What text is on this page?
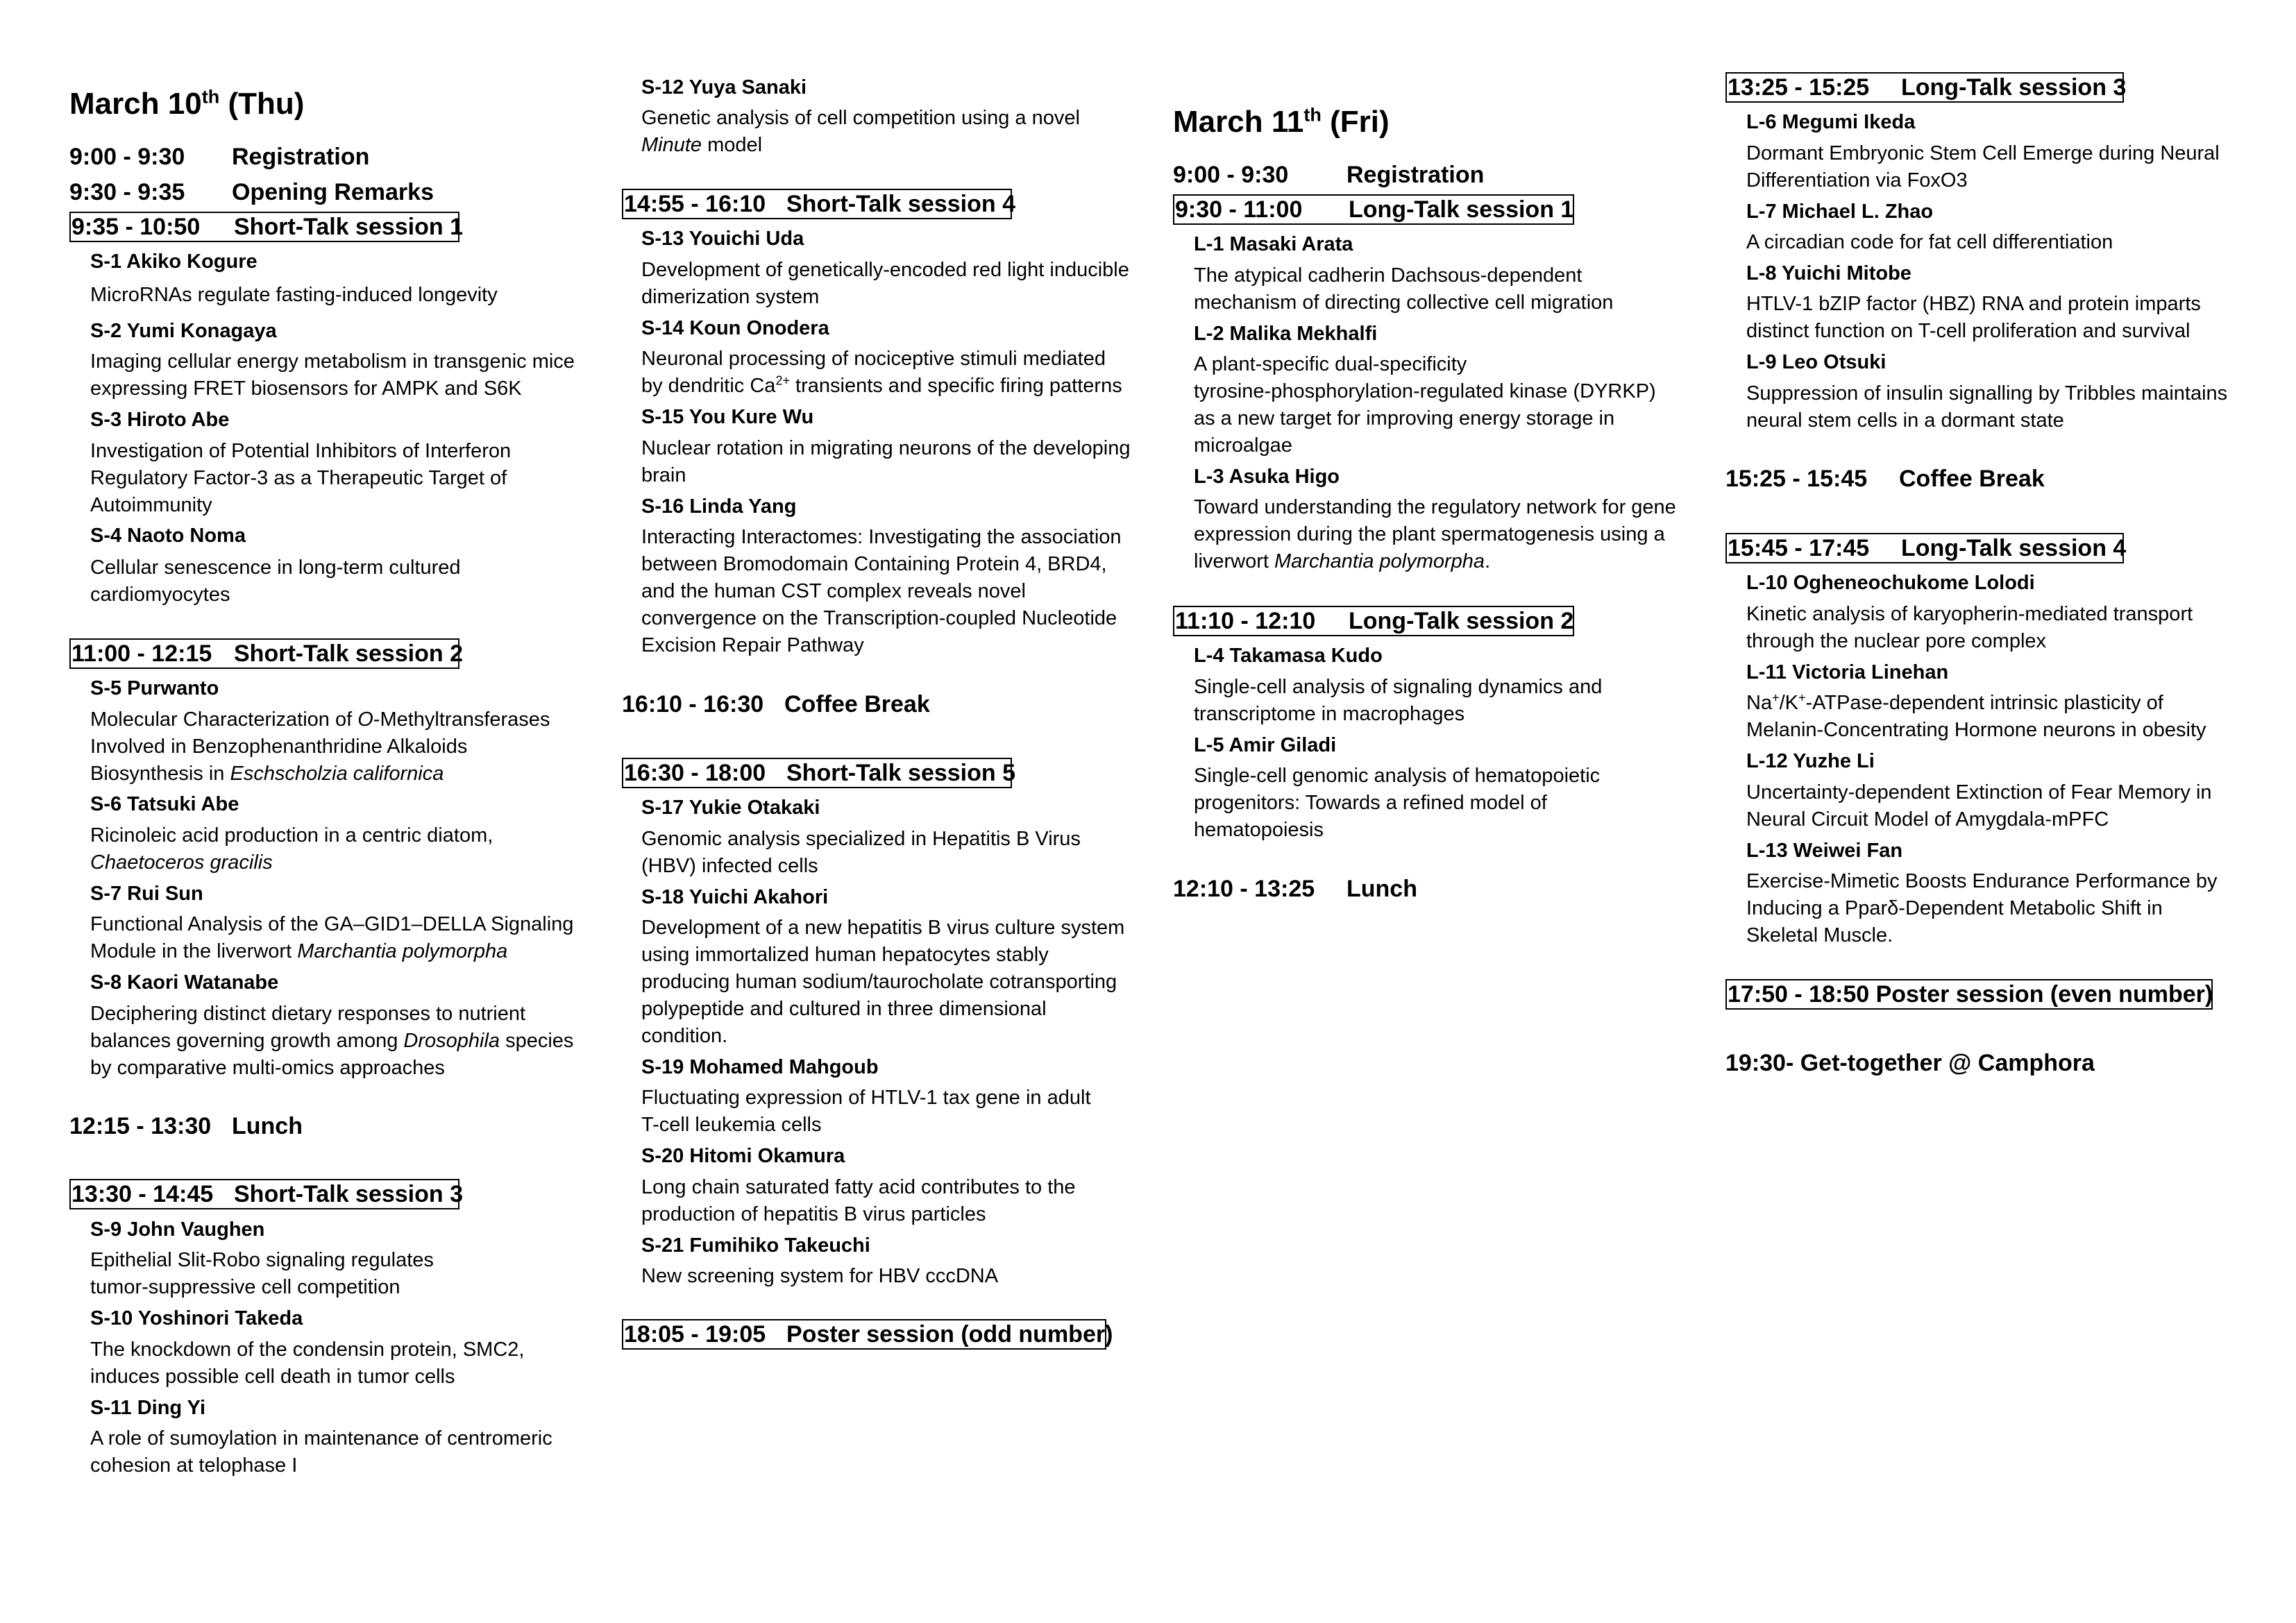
March 10th (Thu)
9:00 - 9:30 Registration
9:30 - 9:35 Opening Remarks
9:35 - 10:50 Short-Talk session 1
S-1 Akiko Kogure
MicroRNAs regulate fasting-induced longevity
S-2 Yumi Konagaya
Imaging cellular energy metabolism in transgenic mice
expressing FRET biosensors for AMPK and S6K
S-3 Hiroto Abe
Investigation of Potential Inhibitors of Interferon
Regulatory Factor-3 as a Therapeutic Target of
Autoimmunity
S-4 Naoto Noma
Cellular senescence in long-term cultured
cardiomyocytes
11:00 - 12:15 Short-Talk session 2
S-5 Purwanto
Molecular Characterization of O-Methyltransferases
Involved in Benzophenanthridine Alkaloids
Biosynthesis in Eschscholzia californica
S-6 Tatsuki Abe
Ricinoleic acid production in a centric diatom,
Chaetoceros gracilis
S-7 Rui Sun
Functional Analysis of the GA–GID1–DELLA Signaling
Module in the liverwort Marchantia polymorpha
S-8 Kaori Watanabe
Deciphering distinct dietary responses to nutrient
balances governing growth among Drosophila species
by comparative multi-omics approaches
12:15 - 13:30 Lunch
13:30 - 14:45 Short-Talk session 3
S-9 John Vaughen
Epithelial Slit-Robo signaling regulates
tumor-suppressive cell competition
S-10 Yoshinori Takeda
The knockdown of the condensin protein, SMC2,
induces possible cell death in tumor cells
S-11 Ding Yi
A role of sumoylation in maintenance of centromeric
cohesion at telophase I
S-12 Yuya Sanaki
Genetic analysis of cell competition using a novel
Minute model
14:55 - 16:10 Short-Talk session 4
S-13 Youichi Uda
Development of genetically-encoded red light inducible
dimerization system
S-14 Koun Onodera
Neuronal processing of nociceptive stimuli mediated
by dendritic $Ca^{2+}$ transients and specific firing patterns
S-15 You Kure Wu
Nuclear rotation in migrating neurons of the developing
brain
S-16 Linda Yang
Interacting Interactomes: Investigating the association
between Bromodomain Containing Protein 4, BRD4,
and the human CST complex reveals novel
convergence on the Transcription-coupled Nucleotide
Excision Repair Pathway
16:10 - 16:30 Coffee Break
16:30 - 18:00 Short-Talk session 5
S-17 Yukie Otakaki
Genomic analysis specialized in Hepatitis B Virus
(HBV) infected cells
S-18 Yuichi Akahori
Development of a new hepatitis B virus culture system
using immortalized human hepatocytes stably
producing human sodium/taurocholate cotransporting
polypeptide and cultured in three dimensional
condition.
S-19 Mohamed Mahgoub
Fluctuating expression of HTLV-1 tax gene in adult
T-cell leukemia cells
S-20 Hitomi Okamura
Long chain saturated fatty acid contributes to the
production of hepatitis B virus particles
S-21 Fumihiko Takeuchi
New screening system for HBV cccDNA
18:05 - 19:05 Poster session (odd number)
March 11th (Fri)
9:00 - 9:30 Registration
9:30 - 11:00 Long-Talk session 1
L-1 Masaki Arata
The atypical cadherin Dachsous-dependent
mechanism of directing collective cell migration
L-2 Malika Mekhalfi
A plant-specific dual-specificity
tyrosine-phosphorylation-regulated kinase (DYRKP)
as a new target for improving energy storage in
microalgae
L-3 Asuka Higo
Toward understanding the regulatory network for gene
expression during the plant spermatogenesis using a
liverwort Marchantia polymorpha.
11:10 - 12:10 Long-Talk session 2
L-4 Takamasa Kudo
Single-cell analysis of signaling dynamics and
transcriptome in macrophages
L-5 Amir Giladi
Single-cell genomic analysis of hematopoietic
progenitors: Towards a refined model of
hematopoiesis
12:10 - 13:25 Lunch
13:25 - 15:25 Long-Talk session 3
L-6 Megumi Ikeda
Dormant Embryonic Stem Cell Emerge during Neural
Differentiation via FoxO3
L-7 Michael L. Zhao
A circadian code for fat cell differentiation
L-8 Yuichi Mitobe
HTLV-1 bZIP factor (HBZ) RNA and protein imparts
distinct function on T-cell proliferation and survival
L-9 Leo Otsuki
Suppression of insulin signalling by Tribbles maintains
neural stem cells in a dormant state
15:25 - 15:45 Coffee Break
15:45 - 17:45 Long-Talk session 4
L-10 Ogheneochukome Lolodi
Kinetic analysis of karyopherin-mediated transport
through the nuclear pore complex
L-11 Victoria Linehan
Na+/K+-ATPase-dependent intrinsic plasticity of
Melanin-Concentrating Hormone neurons in obesity
L-12 Yuzhe Li
Uncertainty-dependent Extinction of Fear Memory in
Neural Circuit Model of Amygdala-mPFC
L-13 Weiwei Fan
Exercise-Mimetic Boosts Endurance Performance by
Inducing a Pparδ-Dependent Metabolic Shift in
Skeletal Muscle.
17:50 - 18:50 Poster session (even number)
19:30- Get-together @ Camphora
